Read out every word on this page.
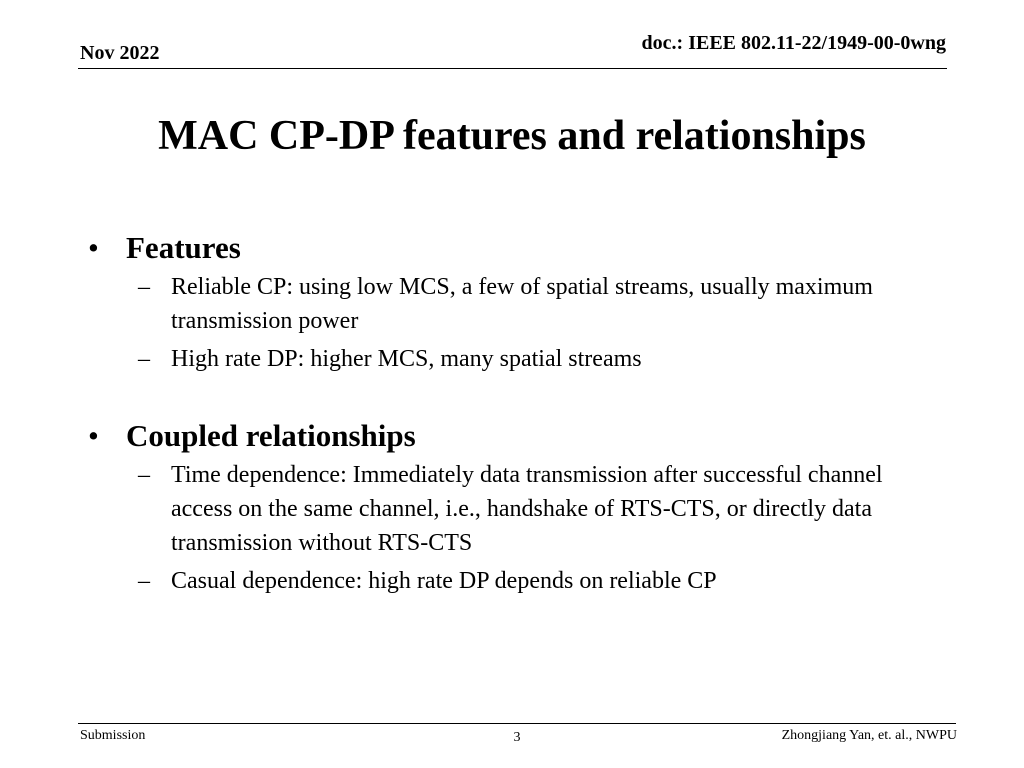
Nov 2022	doc.: IEEE 802.11-22/1949-00-0wng
MAC CP-DP features and relationships
• Features
– Reliable CP: using low MCS, a few of spatial streams, usually maximum transmission power
– High rate DP: higher MCS, many spatial streams
• Coupled relationships
– Time dependence: Immediately data transmission after successful channel access on the same channel, i.e., handshake of RTS-CTS, or directly data transmission without RTS-CTS
– Casual dependence: high rate DP depends on reliable CP
Submission	3	Zhongjiang Yan, et. al., NWPU
